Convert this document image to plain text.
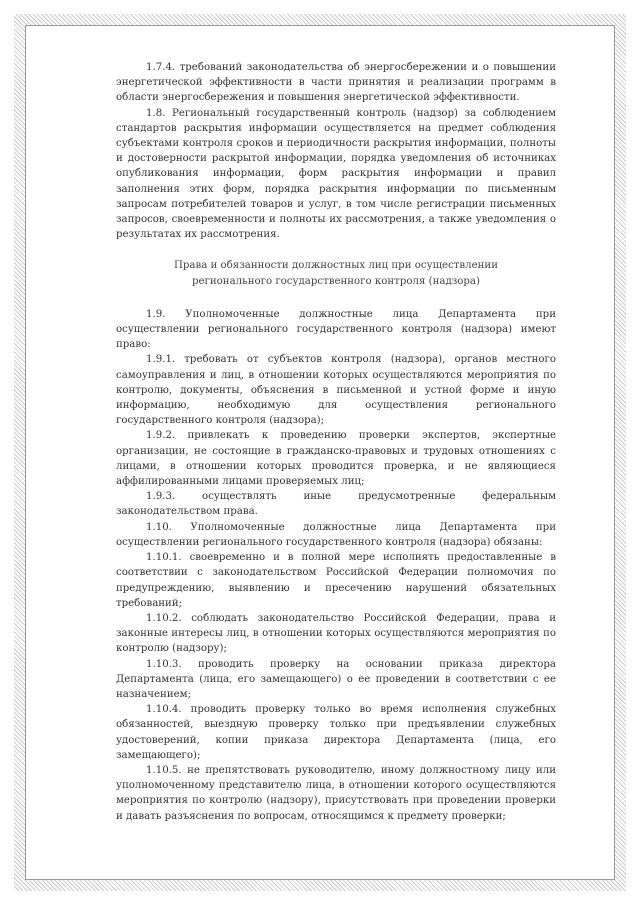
1.7.4. требований законодательства об энергосбережении и о повышении энергетической эффективности в части принятия и реализации программ в области энергосбережения и повышения энергетической эффективности.

1.8. Региональный государственный контроль (надзор) за соблюдением стандартов раскрытия информации осуществляется на предмет соблюдения субъектами контроля сроков и периодичности раскрытия информации, полноты и достоверности раскрытой информации, порядка уведомления об источниках опубликования информации, форм раскрытия информации и правил заполнения этих форм, порядка раскрытия информации по письменным запросам потребителей товаров и услуг, в том числе регистрации письменных запросов, своевременности и полноты их рассмотрения, а также уведомления о результатах их рассмотрения.

Права и обязанности должностных лиц при осуществлении
регионального государственного контроля (надзора)

1.9. Уполномоченные должностные лица Департамента при осуществлении регионального государственного контроля (надзора) имеют право:

1.9.1. требовать от субъектов контроля (надзора), органов местного самоуправления и лиц, в отношении которых осуществляются мероприятия по контролю, документы, объяснения в письменной и устной форме и иную информацию, необходимую для осуществления регионального государственного контроля (надзора);

1.9.2. привлекать к проведению проверки экспертов, экспертные организации, не состоящие в гражданско-правовых и трудовых отношениях с лицами, в отношении которых проводится проверка, и не являющиеся аффилированными лицами проверяемых лиц;

1.9.3. осуществлять иные предусмотренные федеральным законодательством права.

1.10. Уполномоченные должностные лица Департамента при осуществлении регионального государственного контроля (надзора) обязаны:

1.10.1. своевременно и в полной мере исполнять предоставленные в соответствии с законодательством Российской Федерации полномочия по предупреждению, выявлению и пресечению нарушений обязательных требований;

1.10.2. соблюдать законодательство Российской Федерации, права и законные интересы лиц, в отношении которых осуществляются мероприятия по контролю (надзору);

1.10.3. проводить проверку на основании приказа директора Департамента (лица, его замещающего) о ее проведении в соответствии с ее назначением;

1.10.4. проводить проверку только во время исполнения служебных обязанностей, выездную проверку только при предъявлении служебных удостоверений, копии приказа директора Департамента (лица, его замещающего);

1.10.5. не препятствовать руководителю, иному должностному лицу или уполномоченному представителю лица, в отношении которого осуществляются мероприятия по контролю (надзору), присутствовать при проведении проверки и давать разъяснения по вопросам, относящимся к предмету проверки;
